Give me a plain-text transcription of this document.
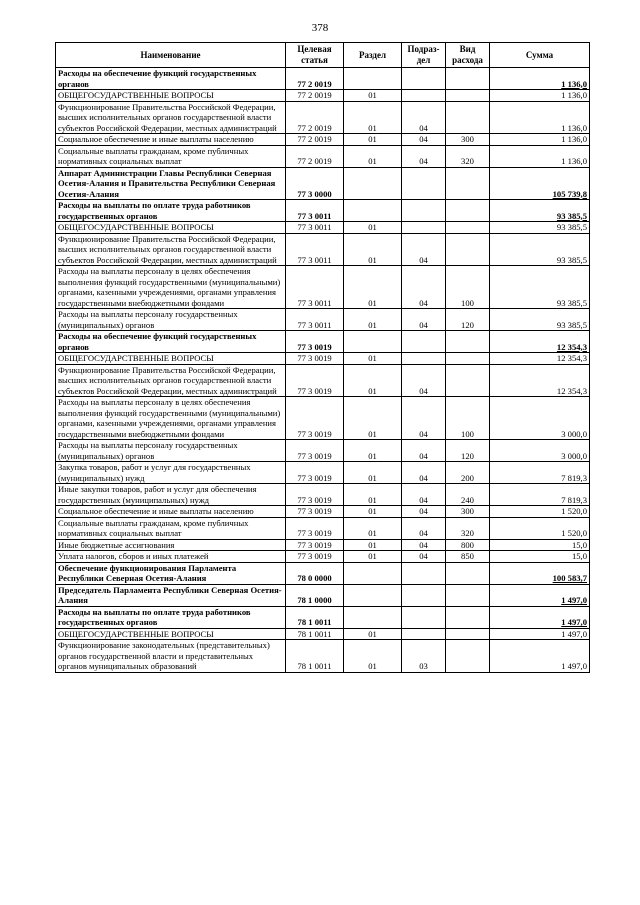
378
Наименование	Целевая статья	Раздел	Подраз-дел	Вид расхода	Сумма
Расходы на обеспечение функций государственных органов	77 2 0019				1 136,0
ОБЩЕГОСУДАРСТВЕННЫЕ ВОПРОСЫ	77 2 0019	01			1 136,0
Функционирование Правительства Российской Федерации, высших исполнительных органов государственной власти субъектов Российской Федерации, местных администраций	77 2 0019	01	04		1 136,0
Социальное обеспечение и иные выплаты населению	77 2 0019	01	04	300	1 136,0
Социальные выплаты гражданам, кроме публичных нормативных социальных выплат	77 2 0019	01	04	320	1 136,0
Аппарат Администрации Главы Республики Северная Осетия-Алания и Правительства Республики Северная Осетия-Алания	77 3 0000				105 739,8
Расходы на выплаты по оплате труда работников государственных органов	77 3 0011				93 385,5
ОБЩЕГОСУДАРСТВЕННЫЕ ВОПРОСЫ	77 3 0011	01			93 385,5
Функционирование Правительства Российской Федерации, высших исполнительных органов государственной власти субъектов Российской Федерации, местных администраций	77 3 0011	01	04		93 385,5
Расходы на выплаты персоналу в целях обеспечения выполнения функций государственными (муниципальными) органами, казенными учреждениями, органами управления государственными внебюджетными фондами	77 3 0011	01	04	100	93 385,5
Расходы на выплаты персоналу государственных (муниципальных) органов	77 3 0011	01	04	120	93 385,5
Расходы на обеспечение функций государственных органов	77 3 0019				12 354,3
ОБЩЕГОСУДАРСТВЕННЫЕ ВОПРОСЫ	77 3 0019	01			12 354,3
Функционирование Правительства Российской Федерации, высших исполнительных органов государственной власти субъектов Российской Федерации, местных администраций	77 3 0019	01	04		12 354,3
Расходы на выплаты персоналу в целях обеспечения выполнения функций государственными (муниципальными) органами, казенными учреждениями, органами управления государственными внебюджетными фондами	77 3 0019	01	04	100	3 000,0
Расходы на выплаты персоналу государственных (муниципальных) органов	77 3 0019	01	04	120	3 000,0
Закупка товаров, работ и услуг для государственных (муниципальных) нужд	77 3 0019	01	04	200	7 819,3
Иные закупки товаров, работ и услуг для обеспечения государственных (муниципальных) нужд	77 3 0019	01	04	240	7 819,3
Социальное обеспечение и иные выплаты населению	77 3 0019	01	04	300	1 520,0
Социальные выплаты гражданам, кроме публичных нормативных социальных выплат	77 3 0019	01	04	320	1 520,0
Иные бюджетные ассигнования	77 3 0019	01	04	800	15,0
Уплата налогов, сборов и иных платежей	77 3 0019	01	04	850	15,0
Обеспечение функционирования Парламента Республики Северная Осетия-Алания	78 0 0000				100 583,7
Председатель Парламента Республики Северная Осетия-Алания	78 1 0000				1 497,0
Расходы на выплаты по оплате труда работников государственных органов	78 1 0011				1 497,0
ОБЩЕГОСУДАРСТВЕННЫЕ ВОПРОСЫ	78 1 0011	01			1 497,0
Функционирование законодательных (представительных) органов государственной власти и представительных органов муниципальных образований	78 1 0011	01	03		1 497,0
